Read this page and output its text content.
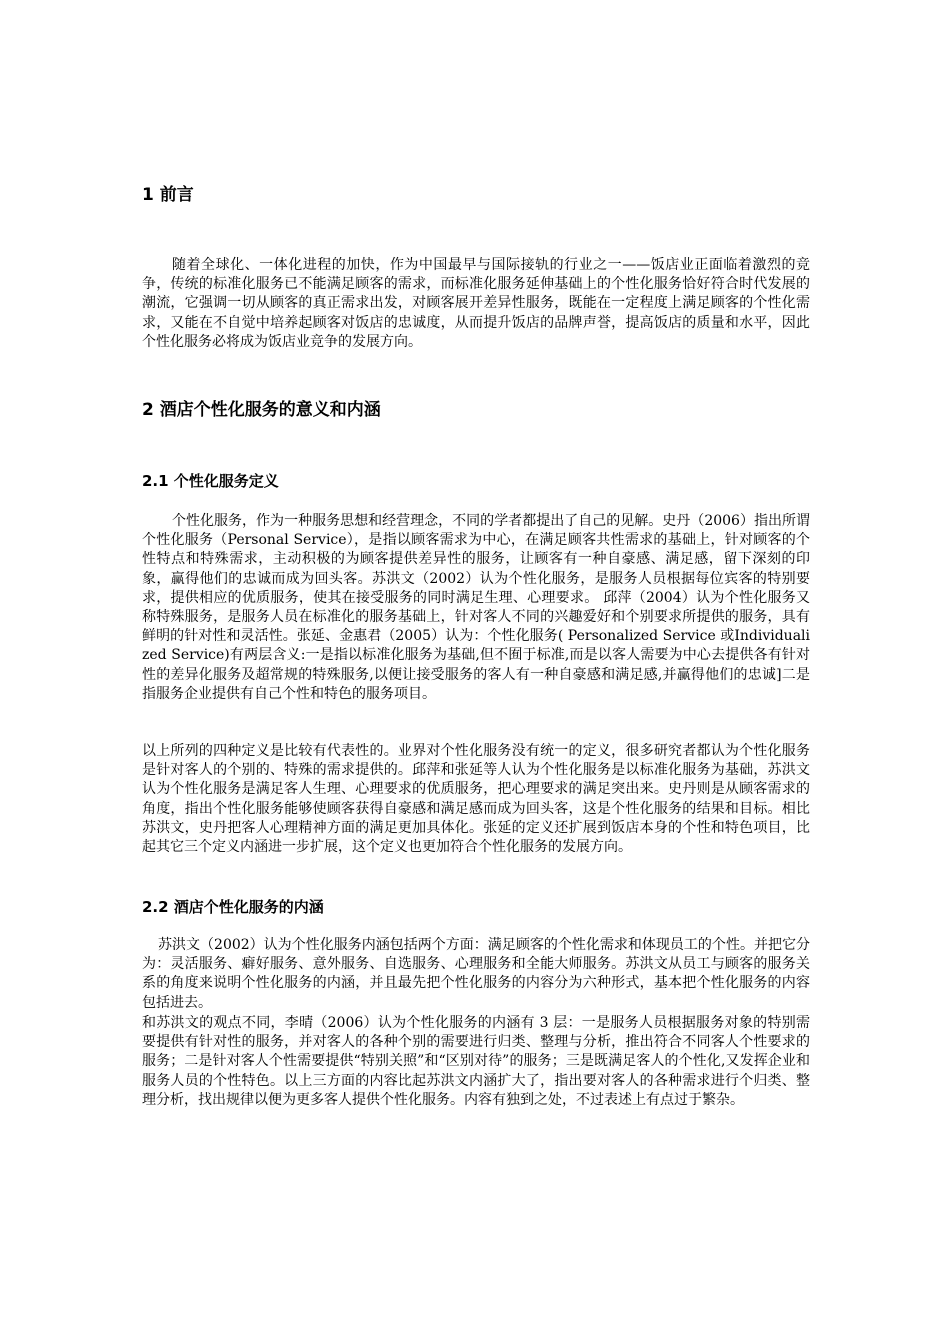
1 前言

随着全球化、一体化进程的加快，作为中国最早与国际接轨的行业之一——饭店业正面临着激烈的竞争，传统的标准化服务已不能满足顾客的需求，而标准化服务延伸基础上的个性化服务恰好符合时代发展的潮流，它强调一切从顾客的真正需求出发，对顾客展开差异性服务，既能在一定程度上满足顾客的个性化需求，又能在不自觉中培养起顾客对饭店的忠诚度，从而提升饭店的品牌声誉，提高饭店的质量和水平，因此个性化服务必将成为饭店业竞争的发展方向。

2 酒店个性化服务的意义和内涵
2.1 个性化服务定义

个性化服务，作为一种服务思想和经营理念，不同的学者都提出了自己的见解。史丹（2006）指出所谓个性化服务（Personal Service），是指以顾客需求为中心，在满足顾客共性需求的基础上，针对顾客的个性特点和特殊需求，主动积极的为顾客提供差异性的服务，让顾客有一种自豪感、满足感，留下深刻的印象，赢得他们的忠诚而成为回头客。苏洪文（2002）认为个性化服务，是服务人员根据每位宾客的特别要求，提供相应的优质服务，使其在接受服务的同时满足生理、心理要求。 邱萍（2004）认为个性化服务又称特殊服务，是服务人员在标准化的服务基础上，针对客人不同的兴趣爱好和个别要求所提供的服务，具有鲜明的针对性和灵活性。张延、金惠君（2005）认为：个性化服务( Personalized Service 或Individualized Service)有两层含义:一是指以标准化服务为基础,但不囿于标准,而是以客人需要为中心去提供各有针对性的差异化服务及超常规的特殊服务,以便让接受服务的客人有一种自豪感和满足感,并赢得他们的忠诚]二是指服务企业提供有自己个性和特色的服务项目。

以上所列的四种定义是比较有代表性的。业界对个性化服务没有统一的定义，很多研究者都认为个性化服务是针对客人的个别的、特殊的需求提供的。邱萍和张延等人认为个性化服务是以标准化服务为基础，苏洪文认为个性化服务是满足客人生理、心理要求的优质服务，把心理要求的满足突出来。史丹则是从顾客需求的角度，指出个性化服务能够使顾客获得自豪感和满足感而成为回头客，这是个性化服务的结果和目标。相比苏洪文，史丹把客人心理精神方面的满足更加具体化。张延的定义还扩展到饭店本身的个性和特色项目，比起其它三个定义内涵进一步扩展，这个定义也更加符合个性化服务的发展方向。

2.2 酒店个性化服务的内涵

苏洪文（2002）认为个性化服务内涵包括两个方面：满足顾客的个性化需求和体现员工的个性。并把它分为：灵活服务、癖好服务、意外服务、自选服务、心理服务和全能大师服务。苏洪文从员工与顾客的服务关系的角度来说明个性化服务的内涵，并且最先把个性化服务的内容分为六种形式，基本把个性化服务的内容包括进去。

和苏洪文的观点不同，李晴（2006）认为个性化服务的内涵有 3 层：一是服务人员根据服务对象的特别需要提供有针对性的服务，并对客人的各种个别的需要进行归类、整理与分析，推出符合不同客人个性要求的服务；二是针对客人个性需要提供“特别关照”和“区别对待”的服务；三是既满足客人的个性化,又发挥企业和服务人员的个性特色。以上三方面的内容比起苏洪文内涵扩大了，指出要对客人的各种需求进行个归类、整理分析，找出规律以便为更多客人提供个性化服务。内容有独到之处，不过表述上有点过于繁杂。
